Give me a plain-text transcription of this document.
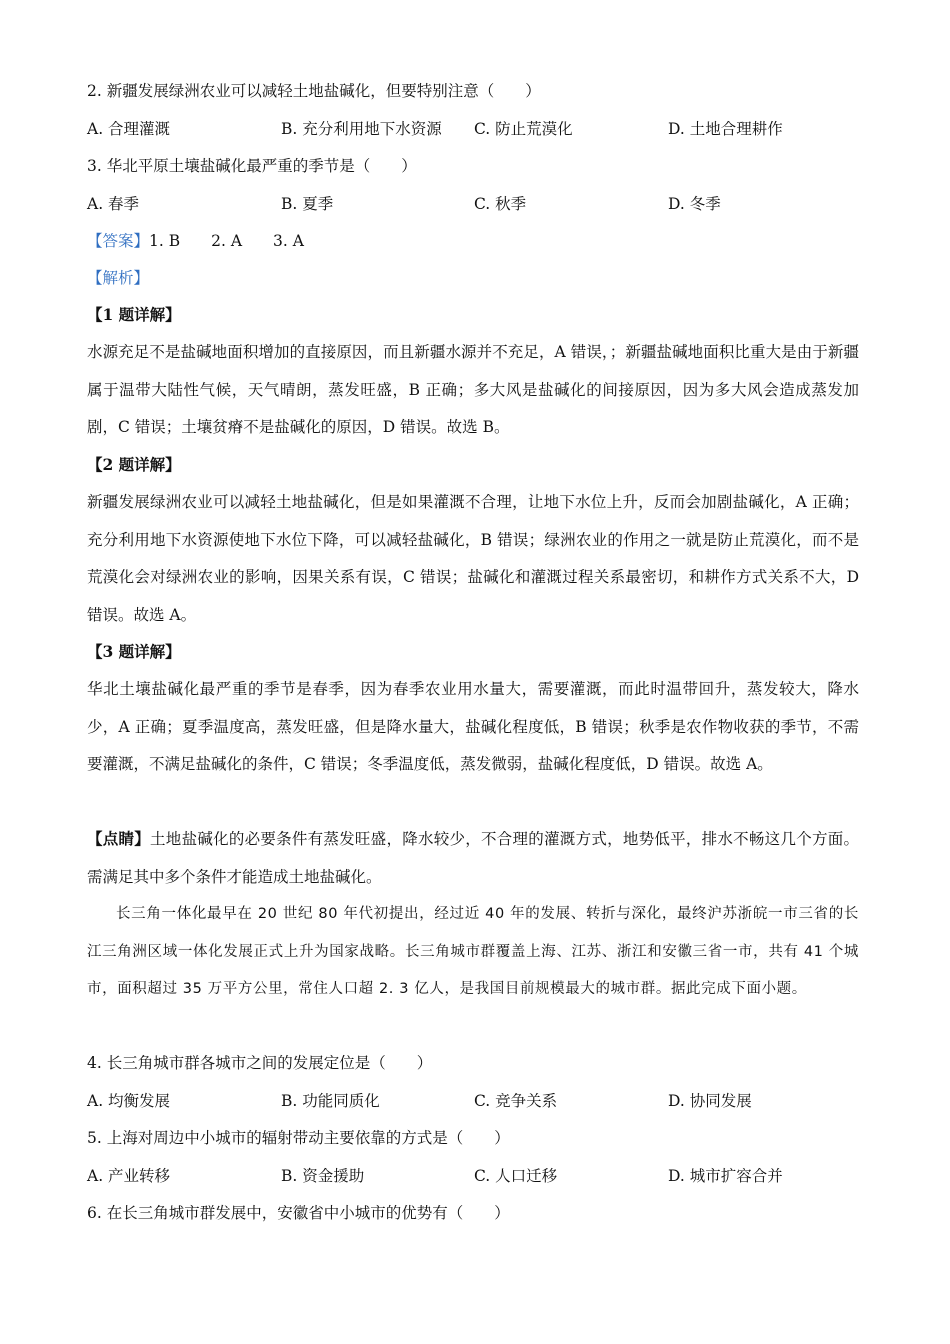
2. 新疆发展绿洲农业可以减轻土地盐碱化，但要特别注意（　　）
A. 合理灌溉	B. 充分利用地下水资源 C. 防止荒漠化	D. 土地合理耕作
3. 华北平原土壤盐碱化最严重的季节是（　　）
A. 春季	B. 夏季	C. 秋季	D. 冬季
【答案】1. B　　2. A　　3. A
【解析】
【1 题详解】
水源充足不是盐碱地面积增加的直接原因，而且新疆水源并不充足，A 错误，；新疆盐碱地面积比重大是由于新疆属于温带大陆性气候，天气晴朗，蒸发旺盛，B 正确；多大风是盐碱化的间接原因，因为多大风会造成蒸发加剧，C 错误；土壤贫瘠不是盐碱化的原因，D 错误。故选 B。
【2 题详解】
新疆发展绿洲农业可以减轻土地盐碱化，但是如果灌溉不合理，让地下水位上升，反而会加剧盐碱化，A 正确；充分利用地下水资源使地下水位下降，可以减轻盐碱化，B 错误；绿洲农业的作用之一就是防止荒漠化，而不是荒漠化会对绿洲农业的影响，因果关系有误，C 错误；盐碱化和灌溉过程关系最密切，和耕作方式关系不大，D 错误。故选 A。
【3 题详解】
华北土壤盐碱化最严重的季节是春季，因为春季农业用水量大，需要灌溉，而此时温带回升，蒸发较大，降水少，A 正确；夏季温度高，蒸发旺盛，但是降水量大，盐碱化程度低，B 错误；秋季是农作物收获的季节，不需要灌溉，不满足盐碱化的条件，C 错误；冬季温度低，蒸发微弱，盐碱化程度低，D 错误。故选 A。
【点睛】土地盐碱化的必要条件有蒸发旺盛，降水较少，不合理的灌溉方式，地势低平，排水不畅这几个方面。需满足其中多个条件才能造成土地盐碱化。
长三角一体化最早在 20 世纪 80 年代初提出，经过近 40 年的发展、转折与深化，最终沪苏浙皖一市三省的长江三角洲区域一体化发展正式上升为国家战略。长三角城市群覆盖上海、江苏、浙江和安徽三省一市，共有 41 个城市，面积超过 35 万平方公里，常住人口超 2. 3 亿人，是我国目前规模最大的城市群。据此完成下面小题。
4. 长三角城市群各城市之间的发展定位是（　　）
A. 均衡发展	B. 功能同质化	C. 竞争关系	D. 协同发展
5. 上海对周边中小城市的辐射带动主要依靠的方式是（　　）
A. 产业转移	B. 资金援助	C. 人口迁移	D. 城市扩容合并
6. 在长三角城市群发展中，安徽省中小城市的优势有（　　）
